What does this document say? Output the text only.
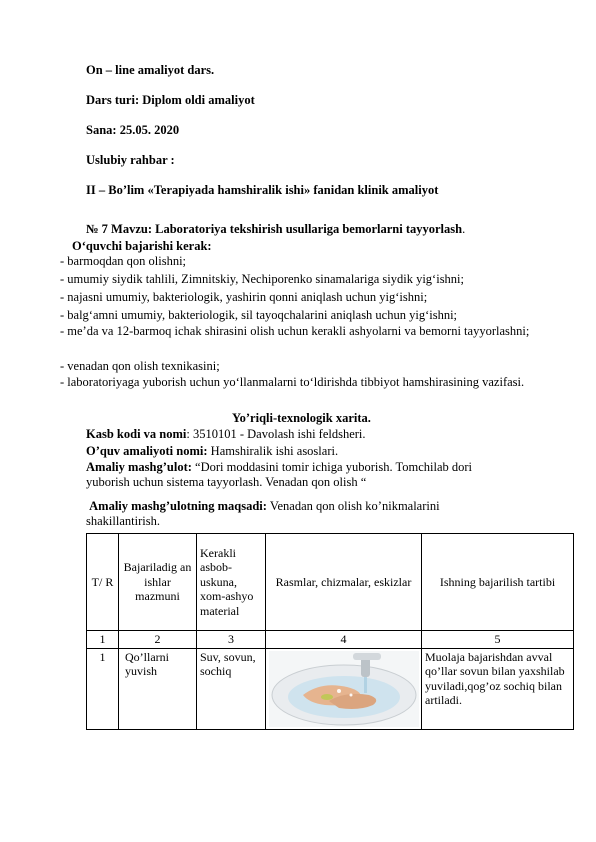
On – line amaliyot dars.
Dars turi: Diplom oldi amaliyot
Sana: 25.05. 2020
Uslubiy rahbar :
II – Bo’lim «Terapiyada hamshiralik ishi» fanidan klinik amaliyot
№ 7 Mavzu: Laboratoriya tekshirish usullariga bemorlarni tayyorlash.
O‘quvchi bajarishi kerak:
- barmoqdan qon olishni;
- umumiy siydik tahlili, Zimnitskiy, Nechiporenko sinamalariga siydik yig‘ishni;
- najasni umumiy, bakteriologik, yashirin qonni aniqlash uchun yig‘ishni;
- balg‘amni umumiy, bakteriologik, sil tayoqchalarini aniqlash uchun yig‘ishni;
- me’da va 12-barmoq ichak shirasini olish uchun kerakli ashyolarni va bemorni tayyorlashni;
- venadan qon olish texnikasini;
- laboratoriyaga yuborish uchun yo‘llanmalarni to‘ldirishda tibbiyot hamshirasining vazifasi.
Yo’riqli-texnologik xarita.
Kasb kodi va nomi: 3510101 - Davolash ishi feldsheri.
O’quv amaliyoti nomi: Hamshiralik ishi asoslari.
Amaliy mashg’ulot: “Dori moddasini tomir ichiga yuborish. Tomchilab dori yuborish uchun sistema tayyorlash. Venadan qon olish “
Amaliy mashg’ulotning maqsadi: Venadan qon olish ko’nikmalarini shakillantirish.
T/ R	Bajariladig an ishlar mazmuni	Kerakli asbob-uskuna, xom-ashyo material	Rasmlar, chizmalar, eskizlar	Ishning bajarilish tartibi
1	2	3	4	5
1	Qo’llarni yuvish	Suv, sovun, sochiq		Muolaja bajarishdan avval qo’llar sovun bilan yaxshilab yuviladi,qog’oz sochiq bilan artiladi.
